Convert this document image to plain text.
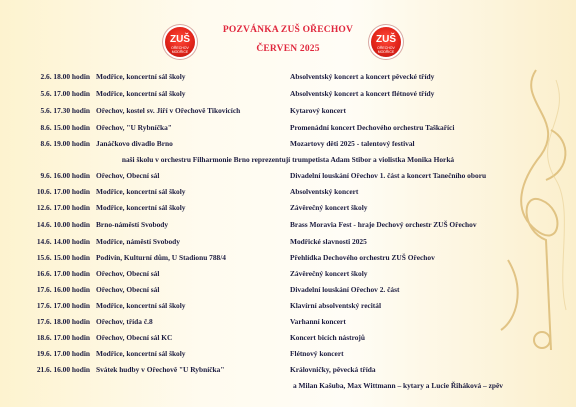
ZUŠ
OŘECHOV MODŘICE
ZUŠ
OŘECHOV MODŘICE
POZVÁNKA ZUŠ OŘECHOV
ČERVEN 2025
2.6. 18.00 hodin Modřice, koncertní sál školy	Absolventský koncert a koncert pěvecké třídy
5.6. 17.00 hodin Modřice, koncertní sál školy	Absolventský koncert a koncert flétnové třídy
5.6. 17.30 hodin Ořechov, kostel sv. Jiří v Ořechově Tikovicích	Kytarový koncert
8.6. 15.00 hodin Ořechov, "U Rybníčka"	Promenádní koncert Dechového orchestru Taškaříci
8.6. 19.00 hodin Janáčkovo divadlo Brno	Mozartovy děti 2025 - talentový festival
naši školu v orchestru Filharmonie Brno reprezentují trumpetista Adam Stibor a violistka Monika Horká
9.6. 16.00 hodin Ořechov, Obecní sál	Divadelní louskání Ořechov 1. část a koncert Tanečního oboru
10.6. 17.00 hodin Modřice, koncertní sál školy	Absolventský koncert
12.6. 17.00 hodin Modřice, koncertní sál školy	Závěrečný koncert školy
14.6. 10.00 hodin Brno-náměstí Svobody	Brass Moravia Fest - hraje Dechový orchestr ZUŠ Ořechov
14.6. 14.00 hodin Modřice, náměstí Svobody	Modřické slavnosti 2025
15.6. 15.00 hodin Podivín, Kulturní dům, U Stadionu 788/4	Přehlídka Dechového orchestru ZUŠ Ořechov
16.6. 17.00 hodin Ořechov, Obecní sál	Závěrečný koncert školy
17.6. 16.00 hodin Ořechov, Obecní sál	Divadelní louskání Ořechov 2. část
17.6. 17.00 hodin Modřice, koncertní sál školy	Klavírní absolventský recitál
17.6. 18.00 hodin Ořechov, třída č.8	Varhanní koncert
18.6. 17.00 hodin Ořechov, Obecní sál KC	Koncert bicích nástrojů
19.6. 17.00 hodin Modřice, koncertní sál školy	Flétnový koncert
21.6. 16.00 hodin Svátek hudby v Ořechově "U Rybníčka"	Královničky, pěvecká třída
a Milan Kašuba, Max Wittmann – kytary a Lucie Řiháková – zpěv
